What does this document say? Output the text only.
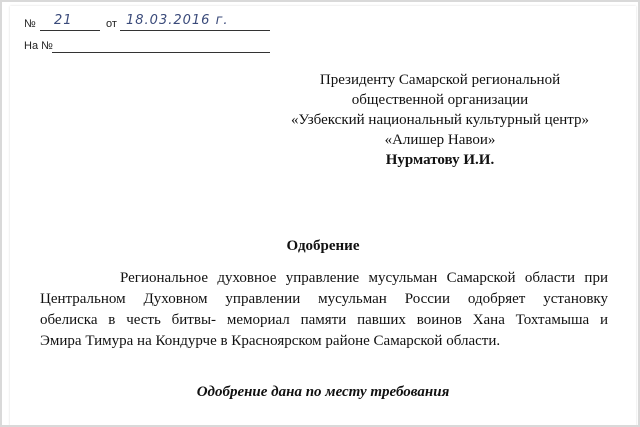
№ 21	от 18.03.2016 г.
На №
Президенту Самарской региональной
общественной организации
«Узбекский национальный культурный центр»
«Алишер Навои»
Нурматову И.И.
Одобрение
Региональное духовное управление мусульман Самарской области при
Центральном Духовном управлении мусульман России одобряет установку
обелиска в честь битвы- мемориал памяти павших воинов Хана Тохтамыша и
Эмира Тимура на Кондурче в Красноярском районе Самарской области.
Одобрение дана по месту требования
